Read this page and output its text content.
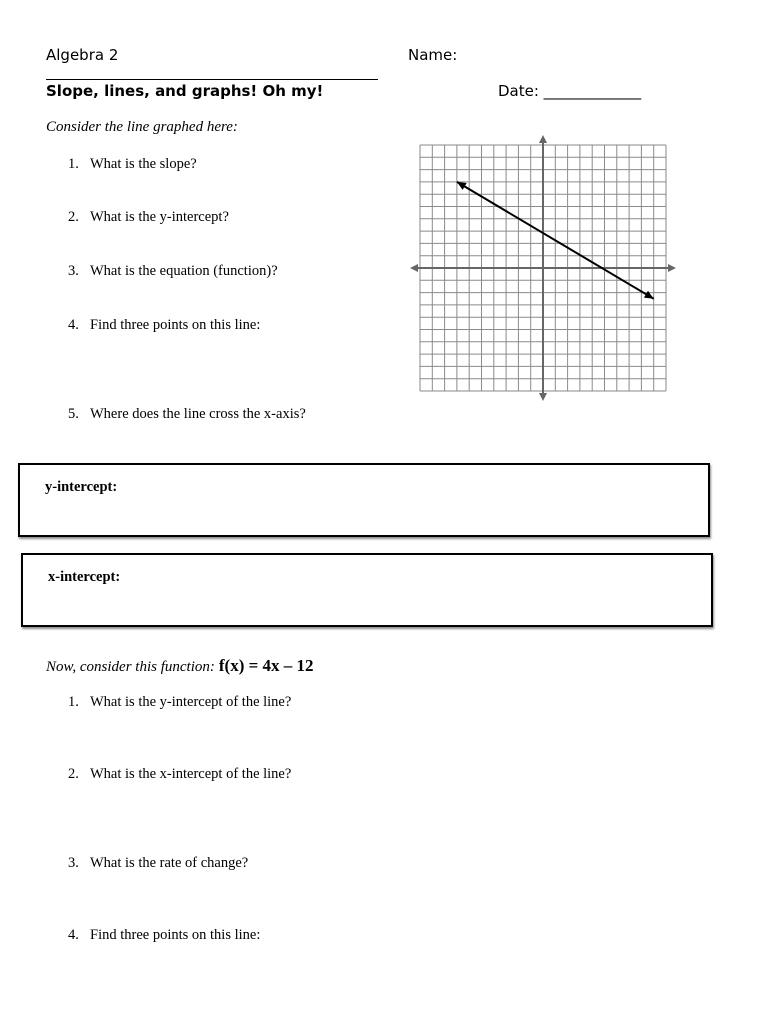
Algebra 2	Name:
Slope, lines, and graphs! Oh my!	Date: _____________
Consider the line graphed here:
1. What is the slope?
2. What is the y-intercept?
3. What is the equation (function)?
4. Find three points on this line:
5. Where does the line cross the x-axis?
y-intercept:
x-intercept:
Now, consider this function: f(x) = 4x – 12
1. What is the y-intercept of the line?
2. What is the x-intercept of the line?
3. What is the rate of change?
4. Find three points on this line:
